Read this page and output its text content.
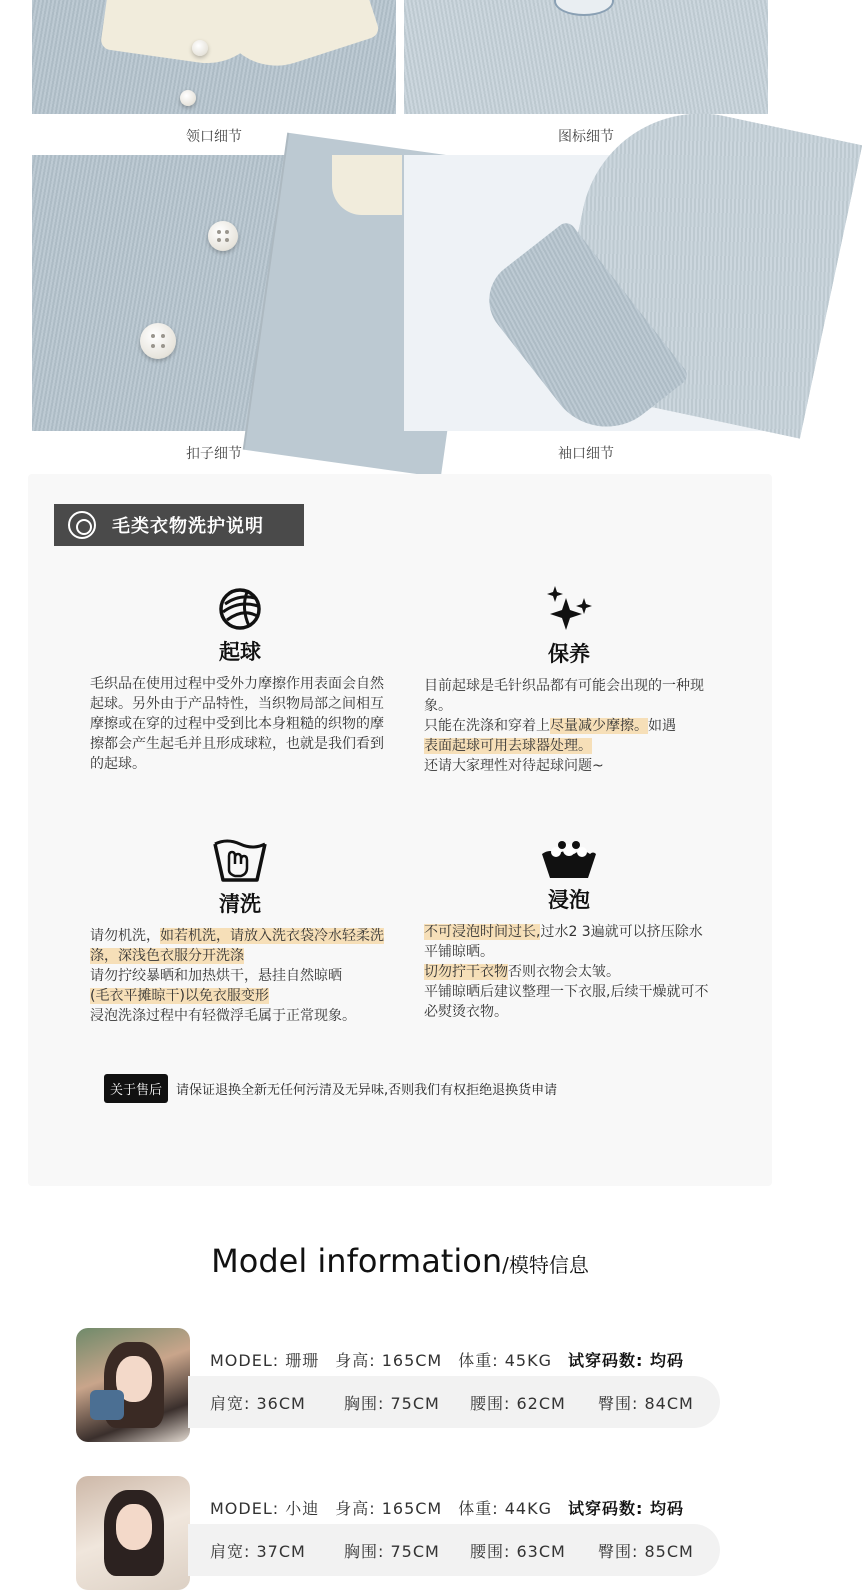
领口细节	图标细节
扣子细节	袖口细节
毛类衣物洗护说明
起球

毛织品在使用过程中受外力摩擦作用表面会自然起球。另外由于产品特性，当织物局部之间相互摩擦或在穿的过程中受到比本身粗糙的织物的摩擦都会产生起毛并且形成球粒，也就是我们看到的起球。

保养

目前起球是毛针织品都有可能会出现的一种现象。
只能在洗涤和穿着上尽量减少摩擦。如遇
表面起球可用去球器处理。
还请大家理性对待起球问题~

清洗

请勿机洗，如若机洗，请放入洗衣袋冷水轻柔洗涤，深浅色衣服分开洗涤
请勿拧绞暴晒和加热烘干，悬挂自然晾晒
(毛衣平摊晾干)以免衣服变形
浸泡洗涤过程中有轻微浮毛属于正常现象。

浸泡

不可浸泡时间过长,过水2 3遍就可以挤压除水平铺晾晒。
切勿拧干衣物否则衣物会太皱。
平铺晾晒后建议整理一下衣服,后续干燥就可不必熨烫衣物。

关于售后	请保证退换全新无任何污清及无异味,否则我们有权拒绝退换货申请
Model information/模特信息
MODEL: 珊珊 身高: 165CM 体重: 45KG 试穿码数: 均码
肩宽: 36CM 胸围: 75CM 腰围: 62CM 臀围: 84CM
MODEL: 小迪 身高: 165CM 体重: 44KG 试穿码数: 均码
肩宽: 37CM 胸围: 75CM 腰围: 63CM 臀围: 85CM
